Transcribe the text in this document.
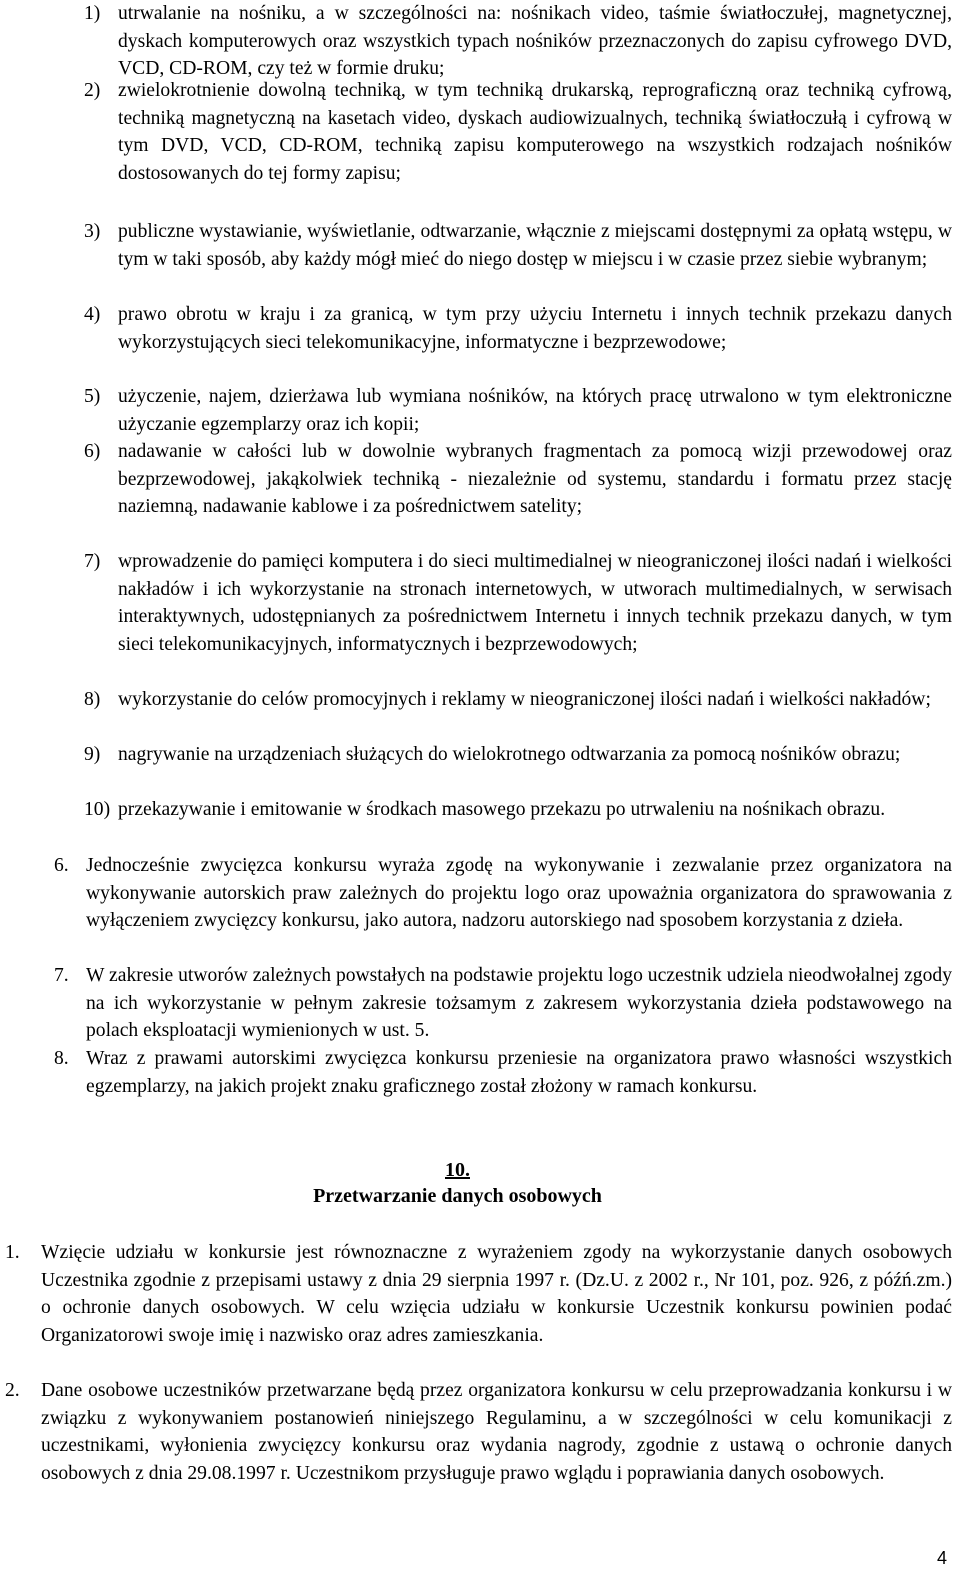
1) utrwalanie na nośniku, a w szczególności na: nośnikach video, taśmie światłoczułej, magnetycznej, dyskach komputerowych oraz wszystkich typach nośników przeznaczonych do zapisu cyfrowego DVD, VCD, CD-ROM, czy też w formie druku;
2) zwielokrotnienie dowolną techniką, w tym techniką drukarską, reprograficzną oraz techniką cyfrową, techniką magnetyczną na kasetach video, dyskach audiowizualnych, techniką światłoczułą i cyfrową w tym DVD, VCD, CD-ROM, techniką zapisu komputerowego na wszystkich rodzajach nośników dostosowanych do tej formy zapisu;
3) publiczne wystawianie, wyświetlanie, odtwarzanie, włącznie z miejscami dostępnymi za opłatą wstępu, w tym w taki sposób, aby każdy mógł mieć do niego dostęp w miejscu i w czasie przez siebie wybranym;
4) prawo obrotu w kraju i za granicą, w tym przy użyciu Internetu i innych technik przekazu danych wykorzystujących sieci telekomunikacyjne, informatyczne i bezprzewodowe;
5) użyczenie, najem, dzierżawa lub wymiana nośników, na których pracę utrwalono w tym elektroniczne użyczanie egzemplarzy oraz ich kopii;
6) nadawanie w całości lub w dowolnie wybranych fragmentach za pomocą wizji przewodowej oraz bezprzewodowej, jakąkolwiek techniką - niezależnie od systemu, standardu i formatu przez stację naziemną, nadawanie kablowe i za pośrednictwem satelity;
7) wprowadzenie do pamięci komputera i do sieci multimedialnej w nieograniczonej ilości nadań i wielkości nakładów i ich wykorzystanie na stronach internetowych, w utworach multimedialnych, w serwisach interaktywnych, udostępnianych za pośrednictwem Internetu i innych technik przekazu danych, w tym sieci telekomunikacyjnych, informatycznych i bezprzewodowych;
8) wykorzystanie do celów promocyjnych i reklamy w nieograniczonej ilości nadań i wielkości nakładów;
9) nagrywanie na urządzeniach służących do wielokrotnego odtwarzania za pomocą nośników obrazu;
10) przekazywanie i emitowanie w środkach masowego przekazu po utrwaleniu na nośnikach obrazu.
6. Jednocześnie zwycięzca konkursu wyraża zgodę na wykonywanie i zezwalanie przez organizatora na wykonywanie autorskich praw zależnych do projektu logo oraz upoważnia organizatora do sprawowania z wyłączeniem zwycięzcy konkursu, jako autora, nadzoru autorskiego nad sposobem korzystania z dzieła.
7. W zakresie utworów zależnych powstałych na podstawie projektu logo uczestnik udziela nieodwołalnej zgody na ich wykorzystanie w pełnym zakresie tożsamym z zakresem wykorzystania dzieła podstawowego na polach eksploatacji wymienionych w ust. 5.
8. Wraz z prawami autorskimi zwycięzca konkursu przeniesie na organizatora prawo własności wszystkich egzemplarzy, na jakich projekt znaku graficznego został złożony w ramach konkursu.
10.
Przetwarzanie danych osobowych
1. Wzięcie udziału w konkursie jest równoznaczne z wyrażeniem zgody na wykorzystanie danych osobowych Uczestnika zgodnie z przepisami ustawy z dnia 29 sierpnia 1997 r. (Dz.U. z 2002 r., Nr 101, poz. 926, z późń.zm.) o ochronie danych osobowych. W celu wzięcia udziału w konkursie Uczestnik konkursu powinien podać Organizatorowi swoje imię i nazwisko oraz adres zamieszkania.
2. Dane osobowe uczestników przetwarzane będą przez organizatora konkursu w celu przeprowadzania konkursu i w związku z wykonywaniem postanowień niniejszego Regulaminu, a w szczególności w celu komunikacji z uczestnikami, wyłonienia zwycięzcy konkursu oraz wydania nagrody, zgodnie z ustawą o ochronie danych osobowych z dnia 29.08.1997 r. Uczestnikom przysługuje prawo wglądu i poprawiania danych osobowych.
4
